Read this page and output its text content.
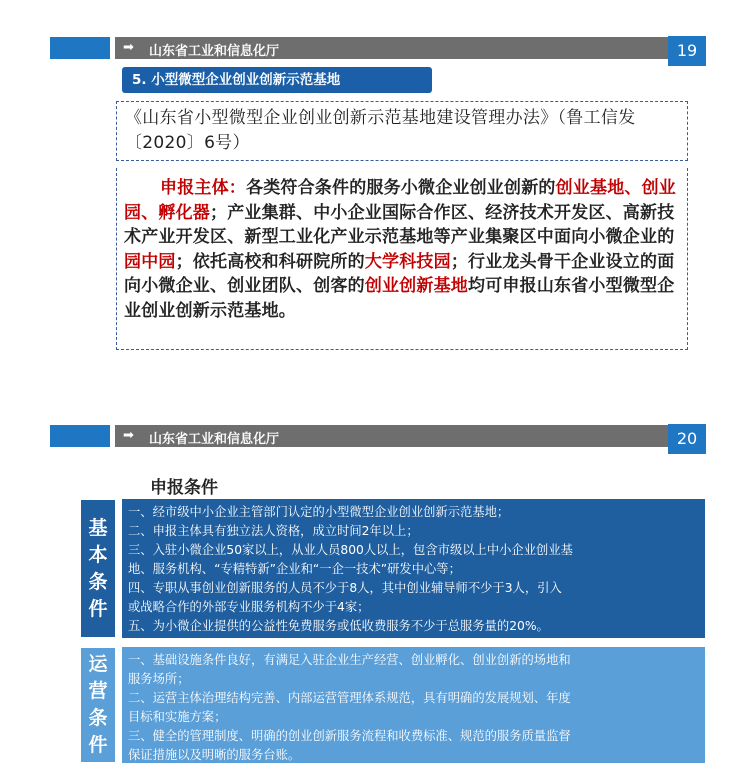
➡ 山东省工业和信息化厅	19
5. 小型微型企业创业创新示范基地
《山东省小型微型企业创业创新示范基地建设管理办法》（鲁工信发〔2020〕6号）
申报主体：各类符合条件的服务小微企业创业创新的创业基地、创业园、孵化器；产业集群、中小企业国际合作区、经济技术开发区、高新技术产业开发区、新型工业化产业示范基地等产业集聚区中面向小微企业的园中园；依托高校和科研院所的大学科技园；行业龙头骨干企业设立的面向小微企业、创业团队、创客的创业创新基地均可申报山东省小型微型企业创业创新示范基地。
➡ 山东省工业和信息化厅	20
申报条件
基
本
条
件
一、经市级中小企业主管部门认定的小型微型企业创业创新示范基地；
二、申报主体具有独立法人资格，成立时间2年以上；
三、入驻小微企业50家以上，从业人员800人以上，包含市级以上中小企业创业基
地、服务机构、“专精特新”企业和“一企一技术”研发中心等；
四、专职从事创业创新服务的人员不少于8人，其中创业辅导师不少于3人，引入
或战略合作的外部专业服务机构不少于4家；
五、为小微企业提供的公益性免费服务或低收费服务不少于总服务量的20%。
运
营
条
件
一、基础设施条件良好，有满足入驻企业生产经营、创业孵化、创业创新的场地和
服务场所；
二、运营主体治理结构完善、内部运营管理体系规范，具有明确的发展规划、年度
目标和实施方案；
三、健全的管理制度、明确的创业创新服务流程和收费标准、规范的服务质量监督
保证措施以及明晰的服务台账。
